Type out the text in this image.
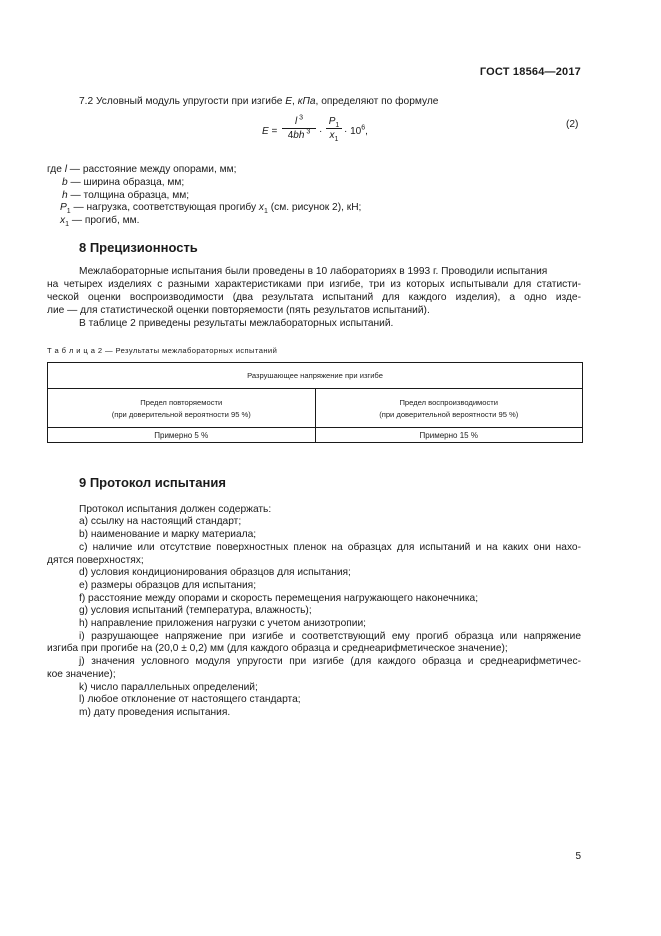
ГОСТ 18564—2017
7.2 Условный модуль упругости при изгибе E, кПа, определяют по формуле
E =
l $^3$
4bh $^3$ ·
$P_1$
$x_1$
· $10^6$,
(2)
где l — расстояние между опорами, мм;
b — ширина образца, мм;
h — толщина образца, мм;
$P_1$ — нагрузка, соответствующая прогибу $x_1$ (см. рисунок 2), кН;
$x_1$ — прогиб, мм.
8 Прецизионность
Межлабораторные испытания были проведены в 10 лабораториях в 1993 г. Проводили испытания
на четырех изделиях с разными характеристиками при изгибе, три из которых испытывали для статисти-
ческой оценки воспроизводимости (два результата испытаний для каждого изделия), а одно изде-
лие — для статистической оценки повторяемости (пять результатов испытаний).
В таблице 2 приведены результаты межлабораторных испытаний.
Т а б л и ц а 2 — Результаты межлабораторных испытаний
Разрушающее напряжение при изгибе
Предел повторяемости
(при доверительной вероятности 95 %)
Предел воспроизводимости
(при доверительной вероятности 95 %)
Примерно 5 %	Примерно 15 %
9 Протокол испытания
Протокол испытания должен содержать:
a) ссылку на настоящий стандарт;
b) наименование и марку материала;
c) наличие или отсутствие поверхностных пленок на образцах для испытаний и на каких они нахо-
дятся поверхностях;
d) условия кондиционирования образцов для испытания;
e) размеры образцов для испытания;
f) расстояние между опорами и скорость перемещения нагружающего наконечника;
g) условия испытаний (температура, влажность);
h) направление приложения нагрузки с учетом анизотропии;
i) разрушающее напряжение при изгибе и соответствующий ему прогиб образца или напряжение
изгиба при прогибе на (20,0 ± 0,2) мм (для каждого образца и среднеарифметическое значение);
j) значения условного модуля упругости при изгибе (для каждого образца и среднеарифметичес-
кое значение);
k) число параллельных определений;
l) любое отклонение от настоящего стандарта;
m) дату проведения испытания.
5
